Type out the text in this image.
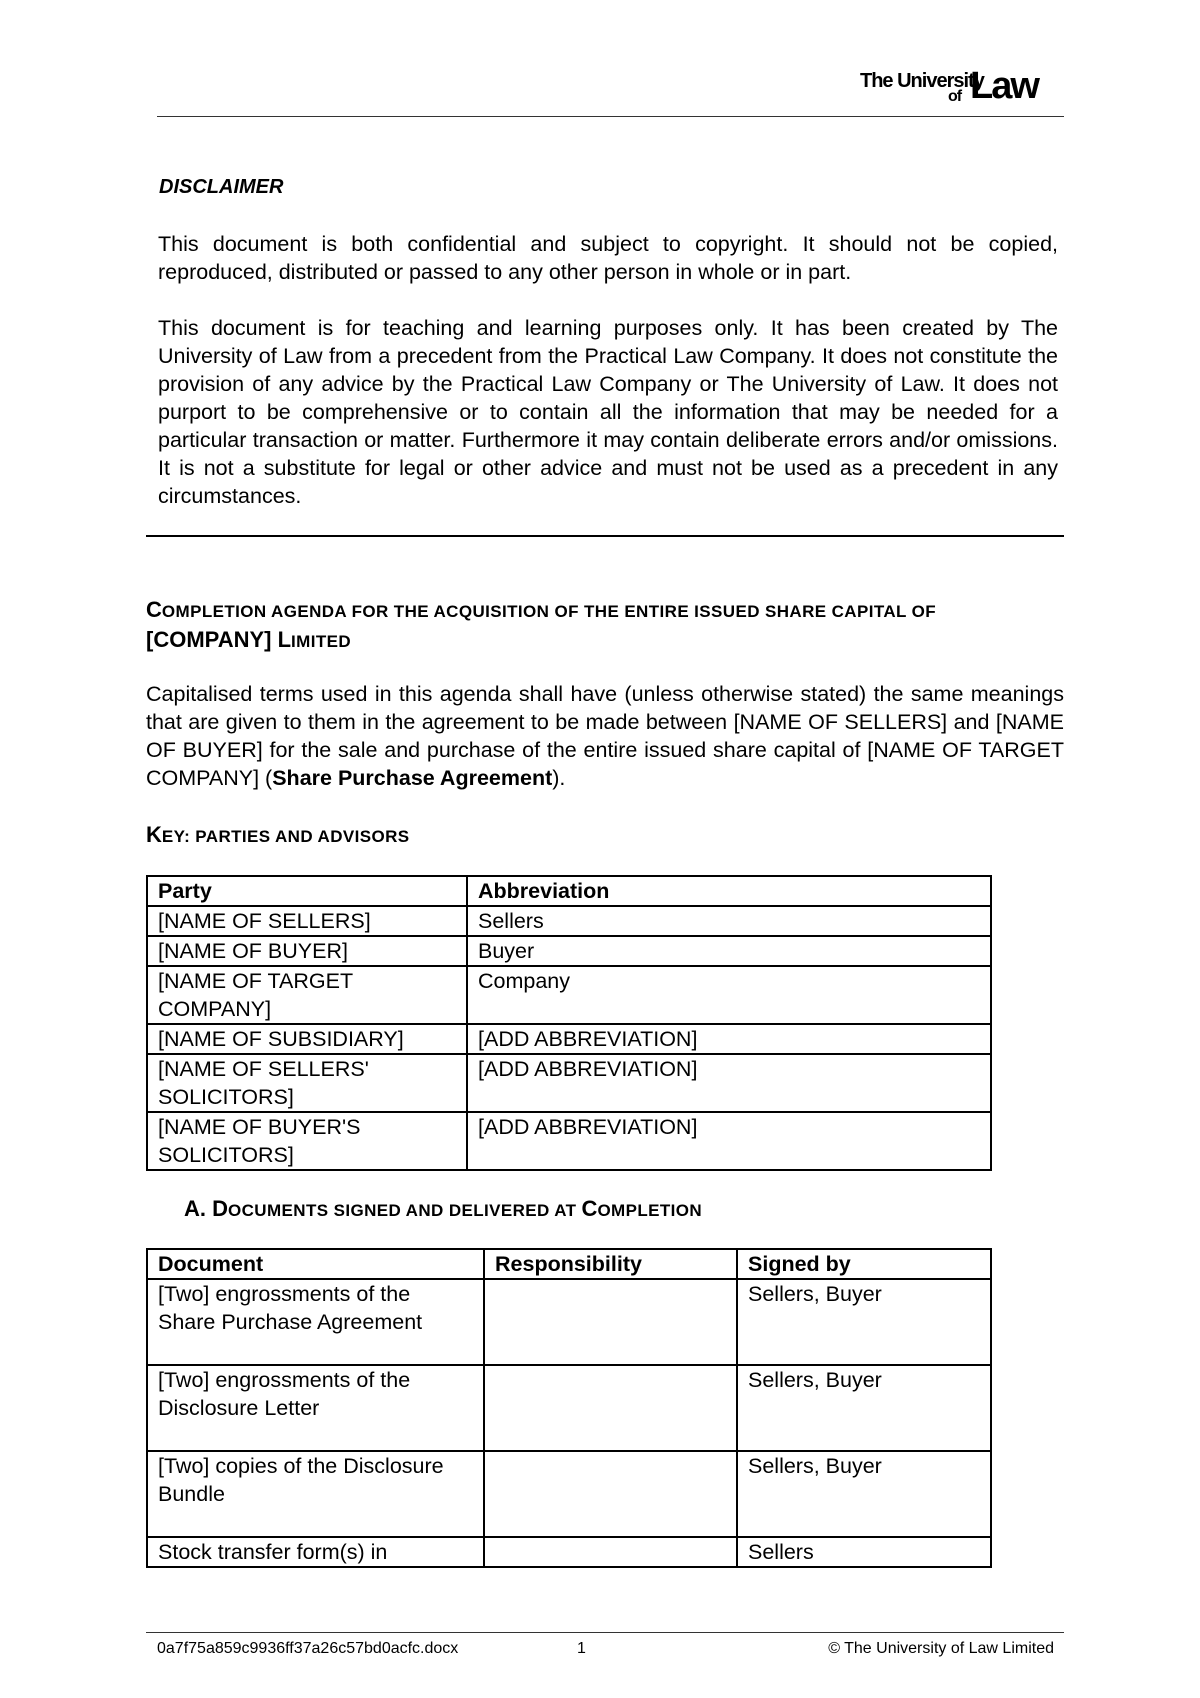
The University
of Law
DISCLAIMER
This document is both confidential and subject to copyright. It should not be copied, reproduced, distributed or passed to any other person in whole or in part.
This document is for teaching and learning purposes only. It has been created by The University of Law from a precedent from the Practical Law Company. It does not constitute the provision of any advice by the Practical Law Company or The University of Law. It does not purport to be comprehensive or to contain all the information that may be needed for a particular transaction or matter. Furthermore it may contain deliberate errors and/or omissions. It is not a substitute for legal or other advice and must not be used as a precedent in any circumstances.
COMPLETION AGENDA FOR THE ACQUISITION OF THE ENTIRE ISSUED SHARE CAPITAL OF
[COMPANY] LIMITED
Capitalised terms used in this agenda shall have (unless otherwise stated) the same meanings that are given to them in the agreement to be made between [NAME OF SELLERS] and [NAME OF BUYER] for the sale and purchase of the entire issued share capital of [NAME OF TARGET COMPANY] (Share Purchase Agreement).
KEY: PARTIES AND ADVISORS
Party	Abbreviation
[NAME OF SELLERS]	Sellers
[NAME OF BUYER]	Buyer
[NAME OF TARGET COMPANY]	Company
[NAME OF SUBSIDIARY]	[ADD ABBREVIATION]
[NAME OF SELLERS' SOLICITORS]	[ADD ABBREVIATION]
[NAME OF BUYER'S SOLICITORS]	[ADD ABBREVIATION]
A. DOCUMENTS SIGNED AND DELIVERED AT COMPLETION
Document	Responsibility	Signed by
[Two] engrossments of the Share Purchase Agreement		Sellers, Buyer
[Two] engrossments of the Disclosure Letter		Sellers, Buyer
[Two] copies of the Disclosure Bundle		Sellers, Buyer
Stock transfer form(s) in		Sellers
0a7f75a859c9936ff37a26c57bd0acfc.docx	1	© The University of Law Limited
